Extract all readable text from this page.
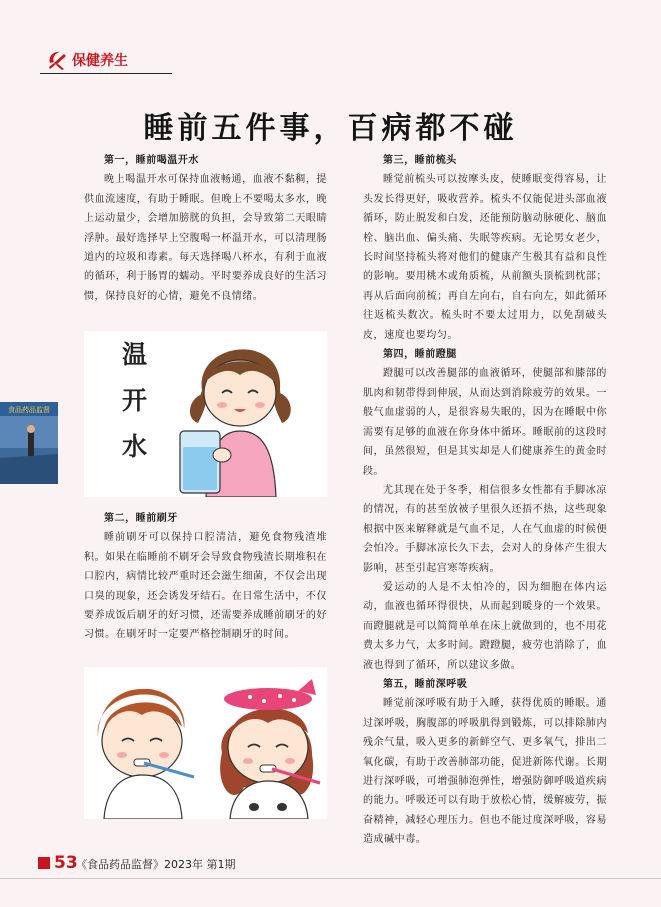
保健养生
睡前五件事，百病都不碰

第一，睡前喝温开水

晚上喝温开水可保持血液畅通，血液不黏稠，提供血流速度，有助于睡眠。但晚上不要喝太多水，晚上运动量少，会增加膀胱的负担，会导致第二天眼睛浮肿。最好选择早上空腹喝一杯温开水，可以清理肠道内的垃圾和毒素。每天选择喝八杯水，有利于血液的循环，利于肠胃的蠕动。平时要养成良好的生活习惯，保持良好的心情，避免不良情绪。

温
开
水

第二，睡前刷牙

睡前刷牙可以保持口腔清洁，避免食物残渣堆积。如果在临睡前不刷牙会导致食物残渣长期堆积在口腔内，病情比较严重时还会滋生细菌，不仅会出现口臭的现象，还会诱发牙结石。在日常生活中，不仅要养成饭后刷牙的好习惯，还需要养成睡前刷牙的好习惯。在刷牙时一定要严格控制刷牙的时间。

第三，睡前梳头

睡觉前梳头可以按摩头皮，使睡眠变得容易，让头发长得更好，吸收营养。梳头不仅能促进头部血液循环，防止脱发和白发，还能预防脑动脉硬化、脑血栓、脑出血、偏头痛、失眠等疾病。无论男女老少，长时间坚持梳头将对他们的健康产生极其有益和良性的影响。要用桃木或角质梳，从前额头顶梳到枕部；再从后面向前梳；再自左向右，自右向左，如此循环往返梳头数次。梳头时不要太过用力，以免刮破头皮，速度也要均匀。

第四，睡前蹬腿

蹬腿可以改善腿部的血液循环，使腿部和膝部的肌肉和韧带得到伸展，从而达到消除疲劳的效果。一般气血虚弱的人，是很容易失眠的，因为在睡眠中你需要有足够的血液在你身体中循环。睡眠前的这段时间，虽然很短，但是其实却是人们健康养生的黄金时段。

尤其现在处于冬季，相信很多女性都有手脚冰凉的情况，有的甚至放被子里很久还捂不热，这些现象根据中医来解释就是气血不足，人在气血虚的时候便会怕冷。手脚冰凉长久下去，会对人的身体产生很大影响，甚至引起宫寒等疾病。

爱运动的人是不太怕冷的，因为细胞在体内运动，血液也循环得很快，从而起到暖身的一个效果。而蹬腿就是可以简简单单在床上就做到的，也不用花费太多力气，太多时间。蹬蹬腿，疲劳也消除了，血液也得到了循环，所以建议多做。

第五，睡前深呼吸

睡觉前深呼吸有助于入睡，获得优质的睡眠。通过深呼吸，胸腹部的呼吸肌得到锻炼，可以排除肺内残余气量，吸入更多的新鲜空气、更多氧气，排出二氧化碳，有助于改善肺部功能，促进新陈代谢。长期进行深呼吸，可增强肺泡弹性，增强防御呼吸道疾病的能力。呼吸还可以有助于放松心情，缓解疲劳，振奋精神，减轻心理压力。但也不能过度深呼吸，容易造成碱中毒。

食品药品监督
53
《食品药品监督》2023年 第1期
